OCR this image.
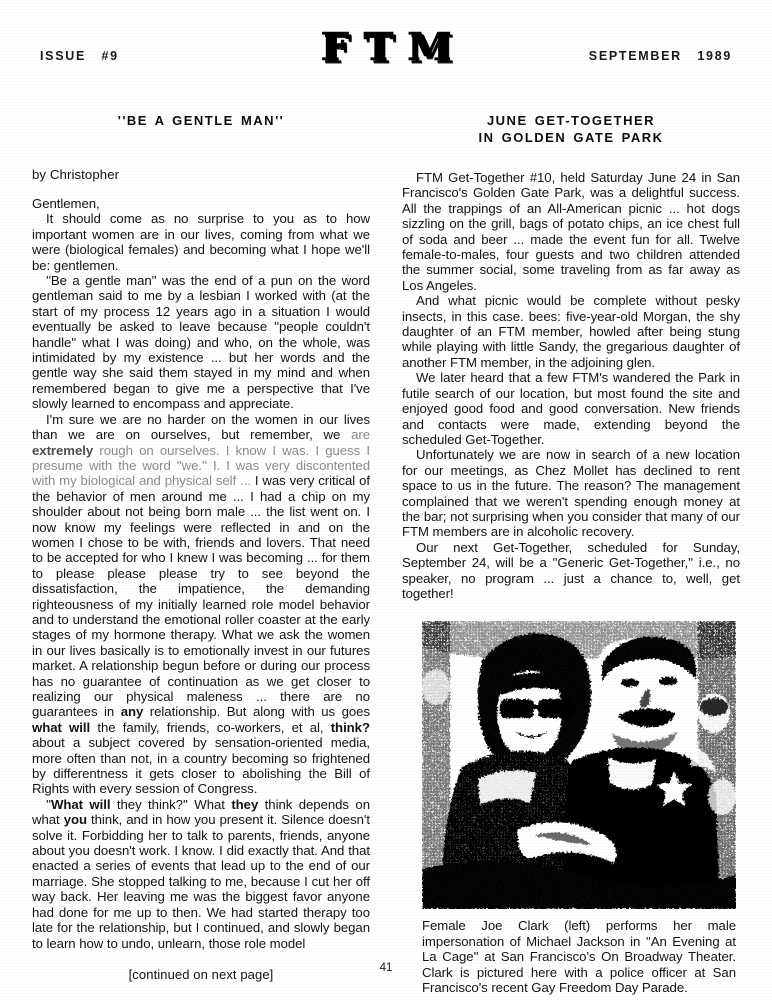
ISSUE   #9	F T M	SEPTEMBER   1989
''BE A GENTLE MAN''

by Christopher

Gentlemen,

It should come as no surprise to you as to how important women are in our lives, coming from what we were (biological females) and becoming what I hope we'll be: gentlemen.

''Be a gentle man'' was the end of a pun on the word gentleman said to me by a lesbian I worked with (at the start of my process 12 years ago in a situation I would eventually be asked to leave because ''people couldn't handle'' what I was doing) and who, on the whole, was intimidated by my existence ... but her words and the gentle way she said them stayed in my mind and when remembered began to give me a perspective that I've slowly learned to encompass and appreciate.

I'm sure we are no harder on the women in our lives than we are on ourselves, but remember, we are extremely rough on ourselves. I know I was. I guess I presume with the word ''we.'' I. I was very discontented with my biological and physical self ... I was very critical of the behavior of men around me ... I had a chip on my shoulder about not being born male ... the list went on. I now know my feelings were reflected in and on the women I chose to be with, friends and lovers. That need to be accepted for who I knew I was becoming ... for them to please please please try to see beyond the dissatisfaction, the impatience, the demanding righteousness of my initially learned role model behavior and to understand the emotional roller coaster at the early stages of my hormone therapy. What we ask the women in our lives basically is to emotionally invest in our futures market. A relationship begun before or during our process has no guarantee of continuation as we get closer to realizing our physical maleness ... there are no guarantees in any relationship. But along with us goes what will the family, friends, co-workers, et al, think? about a subject covered by sensation-oriented media, more often than not, in a country becoming so frightened by differentness it gets closer to abolishing the Bill of Rights with every session of Congress.

''What will they think?'' What they think depends on what you think, and in how you present it. Silence doesn't solve it. Forbidding her to talk to parents, friends, anyone about you doesn't work. I know. I did exactly that. And that enacted a series of events that lead up to the end of our marriage. She stopped talking to me, because I cut her off way back. Her leaving me was the biggest favor anyone had done for me up to then. We had started therapy too late for the relationship, but I continued, and slowly began to learn how to undo, unlearn, those role model

[continued on next page]

JUNE GET-TOGETHER
IN GOLDEN GATE PARK

FTM Get-Together #10, held Saturday June 24 in San Francisco's Golden Gate Park, was a delightful success. All the trappings of an All-American picnic ... hot dogs sizzling on the grill, bags of potato chips, an ice chest full of soda and beer ... made the event fun for all. Twelve female-to-males, four guests and two children attended the summer social, some traveling from as far away as Los Angeles.

And what picnic would be complete without pesky insects, in this case. bees: five-year-old Morgan, the shy daughter of an FTM member, howled after being stung while playing with little Sandy, the gregarious daughter of another FTM member, in the adjoining glen.

We later heard that a few FTM's wandered the Park in futile search of our location, but most found the site and enjoyed good food and good conversation. New friends and contacts were made, extending beyond the scheduled Get-Together.

Unfortunately we are now in search of a new location for our meetings, as Chez Mollet has declined to rent space to us in the future. The reason? The management complained that we weren't spending enough money at the bar; not surprising when you consider that many of our FTM members are in alcoholic recovery.

Our next Get-Together, scheduled for Sunday, September 24, will be a ''Generic Get-Together,'' i.e., no speaker, no program ... just a chance to, well, get together!

Female Joe Clark (left) performs her male impersonation of Michael Jackson in ''An Evening at La Cage'' at San Francisco's On Broadway Theater. Clark is pictured here with a police officer at San Francisco's recent Gay Freedom Day Parade.

41
